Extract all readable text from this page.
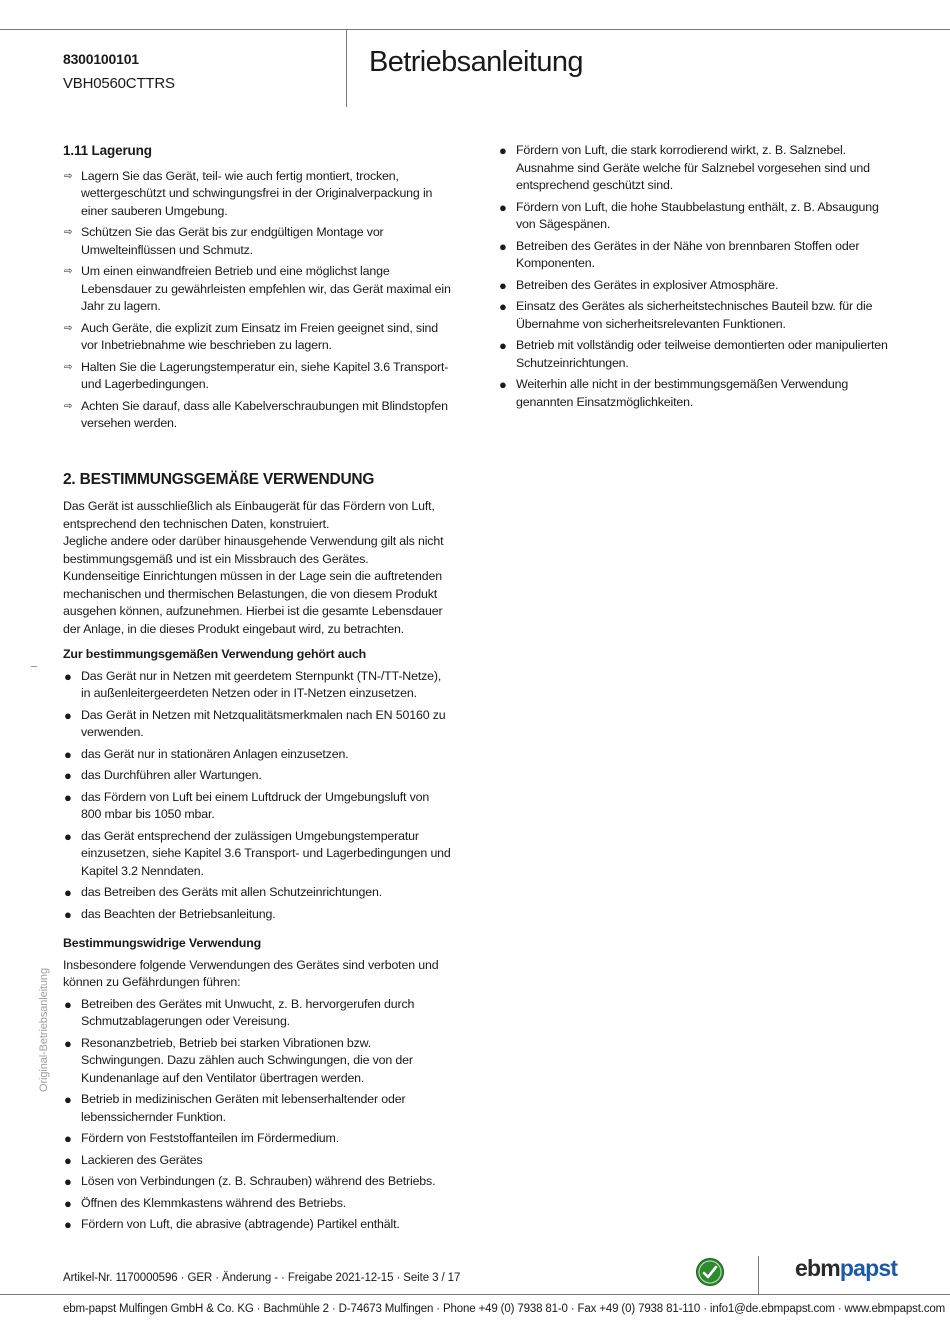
8300100101
VBH0560CTTRS
Betriebsanleitung
1.11 Lagerung
⇨ Lagern Sie das Gerät, teil- wie auch fertig montiert, trocken, wettergeschützt und schwingungsfrei in der Originalverpackung in einer sauberen Umgebung.
⇨ Schützen Sie das Gerät bis zur endgültigen Montage vor Umwelteinflüssen und Schmutz.
⇨ Um einen einwandfreien Betrieb und eine möglichst lange Lebensdauer zu gewährleisten empfehlen wir, das Gerät maximal ein Jahr zu lagern.
⇨ Auch Geräte, die explizit zum Einsatz im Freien geeignet sind, sind vor Inbetriebnahme wie beschrieben zu lagern.
⇨ Halten Sie die Lagerungstemperatur ein, siehe Kapitel 3.6 Transport- und Lagerbedingungen.
⇨ Achten Sie darauf, dass alle Kabelverschraubungen mit Blindstopfen versehen werden.
2. BESTIMMUNGSGEMÄßE VERWENDUNG

Das Gerät ist ausschließlich als Einbaugerät für das Fördern von Luft, entsprechend den technischen Daten, konstruiert.

Jegliche andere oder darüber hinausgehende Verwendung gilt als nicht bestimmungsgemäß und ist ein Missbrauch des Gerätes.

Kundenseitige Einrichtungen müssen in der Lage sein die auftretenden mechanischen und thermischen Belastungen, die von diesem Produkt ausgehen können, aufzunehmen. Hierbei ist die gesamte Lebensdauer der Anlage, in die dieses Produkt eingebaut wird, zu betrachten.

Zur bestimmungsgemäßen Verwendung gehört auch
● Das Gerät nur in Netzen mit geerdetem Sternpunkt (TN-/TT-Netze), in außenleitergeerdeten Netzen oder in IT-Netzen einzusetzen.
● Das Gerät in Netzen mit Netzqualitätsmerkmalen nach EN 50160 zu verwenden.
● das Gerät nur in stationären Anlagen einzusetzen.
● das Durchführen aller Wartungen.
● das Fördern von Luft bei einem Luftdruck der Umgebungsluft von 800 mbar bis 1050 mbar.
● das Gerät entsprechend der zulässigen Umgebungstemperatur einzusetzen, siehe Kapitel 3.6 Transport- und Lagerbedingungen und Kapitel 3.2 Nenndaten.
● das Betreiben des Geräts mit allen Schutzeinrichtungen.
● das Beachten der Betriebsanleitung.
Bestimmungswidrige Verwendung

Insbesondere folgende Verwendungen des Gerätes sind verboten und können zu Gefährdungen führen:

● Betreiben des Gerätes mit Unwucht, z. B. hervorgerufen durch Schmutzablagerungen oder Vereisung.
● Resonanzbetrieb, Betrieb bei starken Vibrationen bzw. Schwingungen. Dazu zählen auch Schwingungen, die von der Kundenanlage auf den Ventilator übertragen werden.
● Betrieb in medizinischen Geräten mit lebenserhaltender oder lebenssichernder Funktion.
● Fördern von Feststoffanteilen im Fördermedium.
● Lackieren des Gerätes
● Lösen von Verbindungen (z. B. Schrauben) während des Betriebs.
● Öffnen des Klemmkastens während des Betriebs.
● Fördern von Luft, die abrasive (abtragende) Partikel enthält.
● Fördern von Luft, die stark korrodierend wirkt, z. B. Salznebel. Ausnahme sind Geräte welche für Salznebel vorgesehen sind und entsprechend geschützt sind.
● Fördern von Luft, die hohe Staubbelastung enthält, z. B. Absaugung von Sägespänen.
● Betreiben des Gerätes in der Nähe von brennbaren Stoffen oder Komponenten.
● Betreiben des Gerätes in explosiver Atmosphäre.
● Einsatz des Gerätes als sicherheitstechnisches Bauteil bzw. für die Übernahme von sicherheitsrelevanten Funktionen.
● Betrieb mit vollständig oder teilweise demontierten oder manipulierten Schutzeinrichtungen.
● Weiterhin alle nicht in der bestimmungsgemäßen Verwendung genannten Einsatzmöglichkeiten.
Original-Betriebsanleitung
Artikel-Nr. 1170000596 · GER · Änderung - · Freigabe 2021-12-15 · Seite 3 / 17	ebmpapst
ebm-papst Mulfingen GmbH & Co. KG · Bachmühle 2 · D-74673 Mulfingen · Phone +49 (0) 7938 81-0 · Fax +49 (0) 7938 81-110 · info1@de.ebmpapst.com · www.ebmpapst.com
